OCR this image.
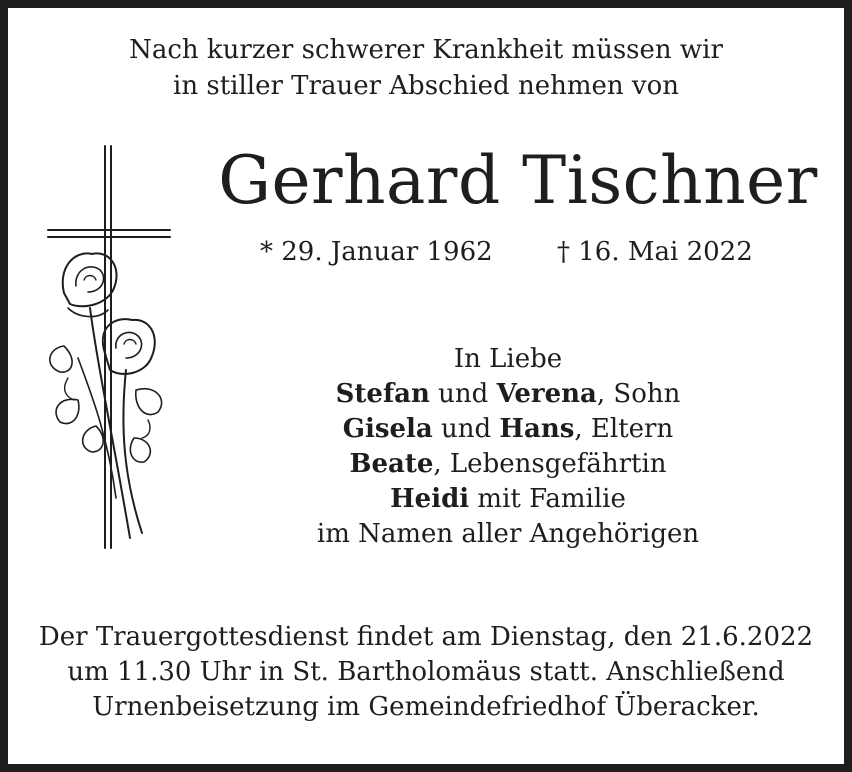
Nach kurzer schwerer Krankheit müssen wir
in stiller Trauer Abschied nehmen von
Gerhard Tischner
* 29. Januar 1962 † 16. Mai 2022
In Liebe
Stefan und Verena, Sohn
Gisela und Hans, Eltern
Beate, Lebensgefährtin
Heidi mit Familie
im Namen aller Angehörigen
Der Trauergottesdienst findet am Dienstag, den 21.6.2022
um 11.30 Uhr in St. Bartholomäus statt. Anschließend
Urnenbeisetzung im Gemeindefriedhof Überacker.
